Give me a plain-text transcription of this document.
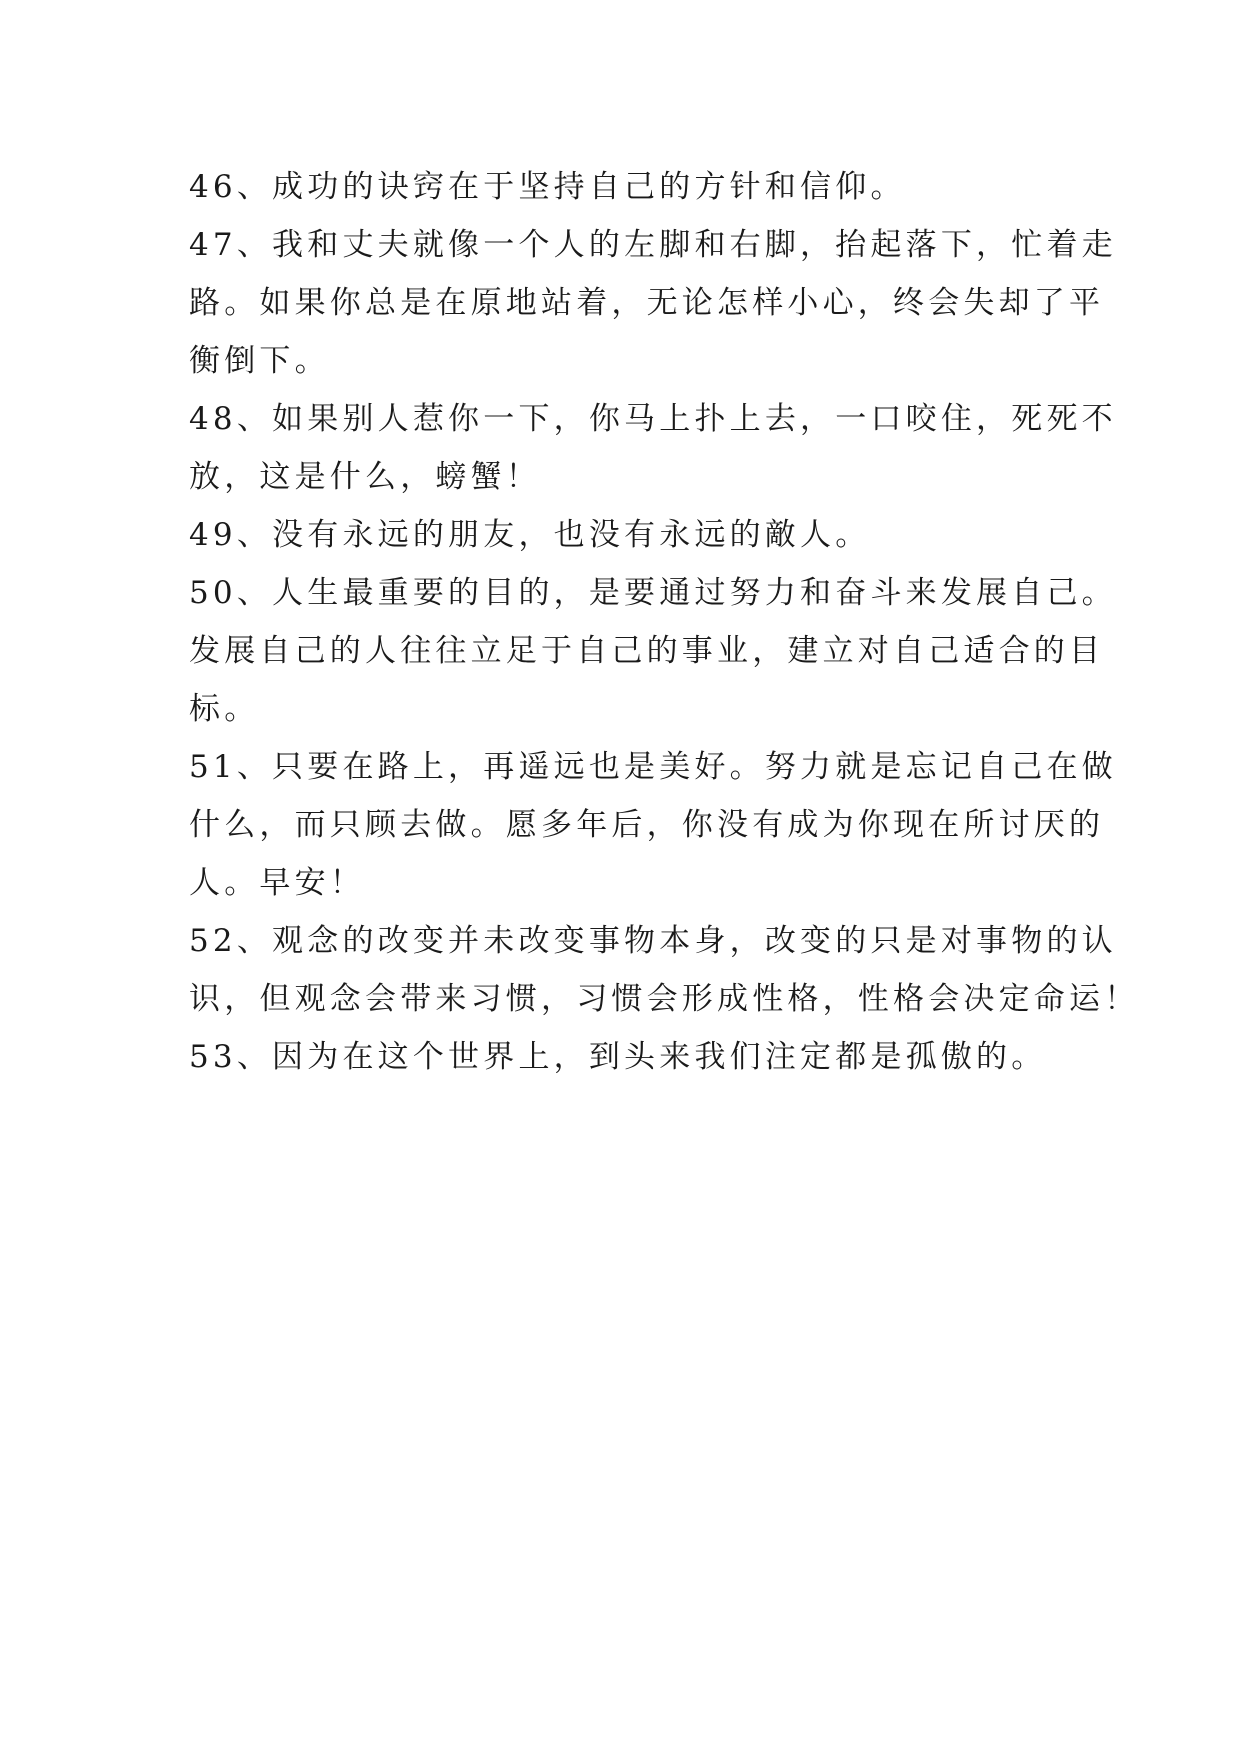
46、成功的诀窍在于坚持自己的方针和信仰。
47、我和丈夫就像一个人的左脚和右脚，抬起落下，忙着走
路。如果你总是在原地站着，无论怎样小心，终会失却了平
衡倒下。
48、如果别人惹你一下，你马上扑上去，一口咬住，死死不
放，这是什么，螃蟹！
49、没有永远的朋友，也没有永远的敵人。
50、人生最重要的目的，是要通过努力和奋斗来发展自己。
发展自己的人往往立足于自己的事业，建立对自己适合的目
标。
51、只要在路上，再遥远也是美好。努力就是忘记自己在做
什么，而只顾去做。愿多年后，你没有成为你现在所讨厌的
人。早安！
52、观念的改变并未改变事物本身，改变的只是对事物的认
识，但观念会带来习惯，习惯会形成性格，性格会决定命运！
53、因为在这个世界上，到头来我们注定都是孤傲的。
